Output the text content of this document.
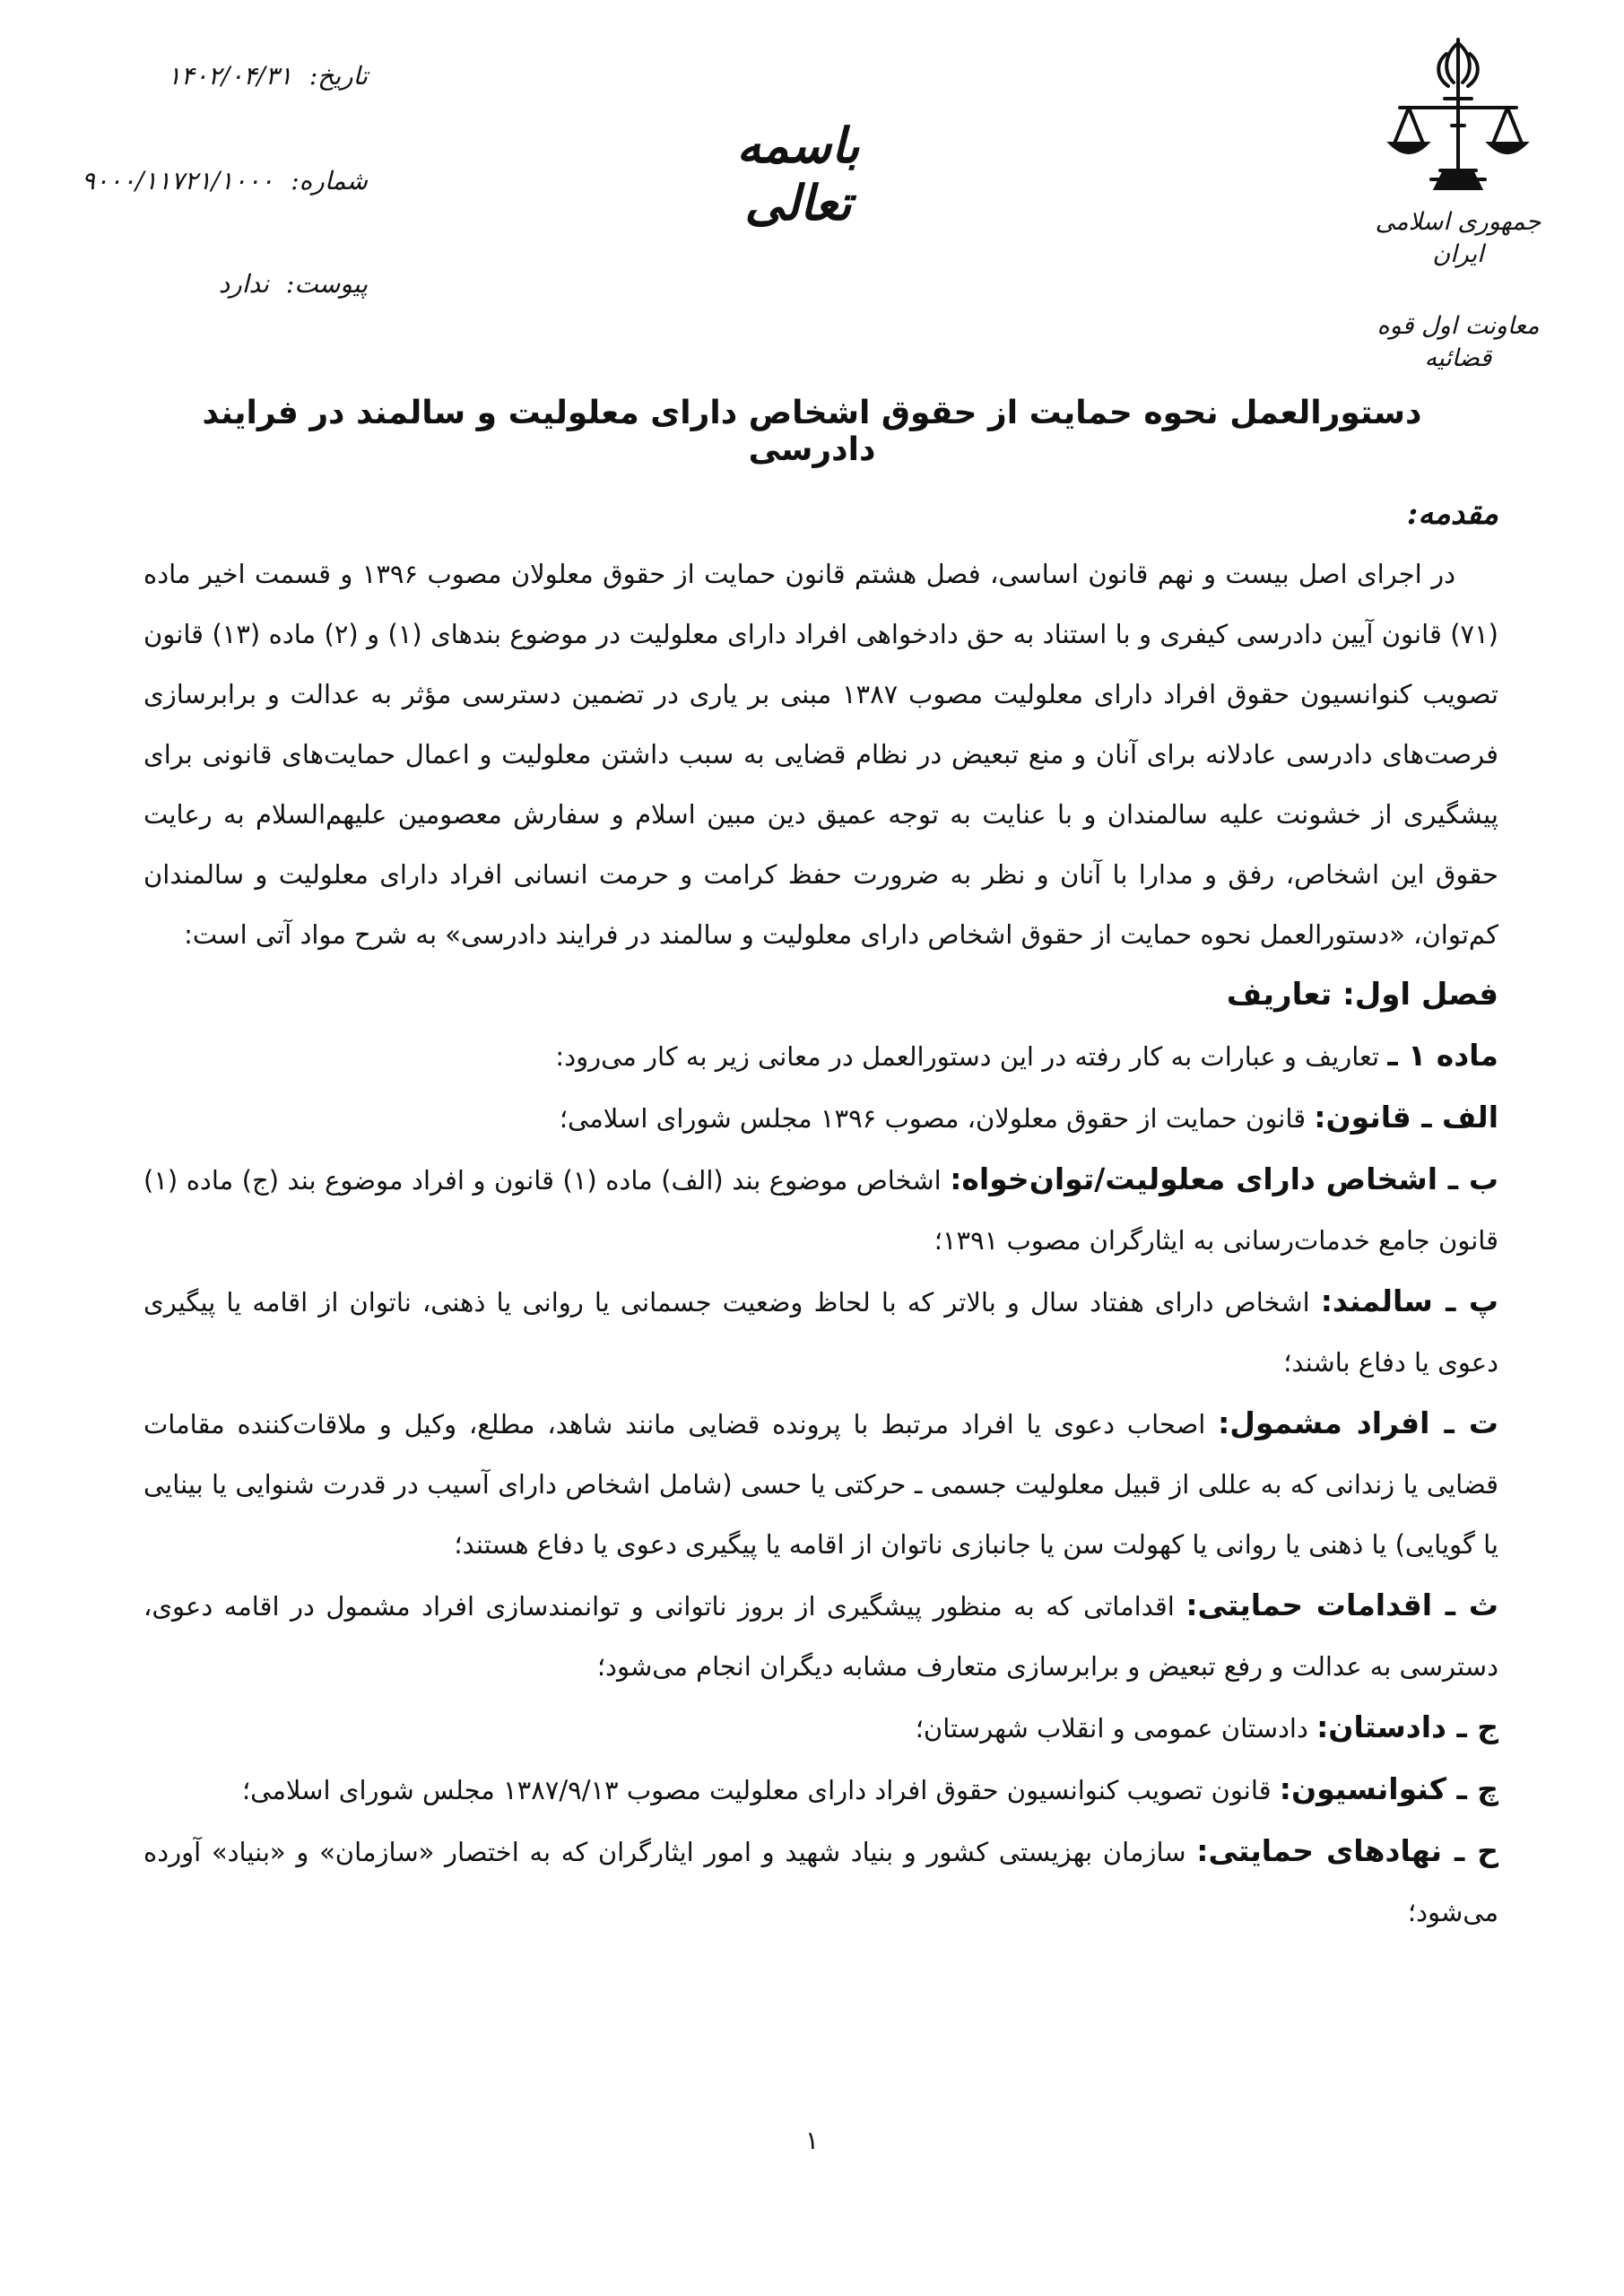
جمهوری اسلامی ایران
معاونت اول قوه قضائیه
باسمه تعالی
تاریخ: ۱۴۰۲/۰۴/۳۱
شماره: ۹۰۰۰/۱۱۷۲۱/۱۰۰۰
پیوست: ندارد
دستورالعمل نحوه حمایت از حقوق اشخاص دارای معلولیت و سالمند در فرایند دادرسی
مقدمه:

در اجرای اصل بیست و نهم قانون اساسی، فصل هشتم قانون حمایت از حقوق معلولان مصوب ۱۳۹۶ و قسمت اخیر ماده (۷۱) قانون آیین دادرسی کیفری و با استناد به حق دادخواهی افراد دارای معلولیت در موضوع بندهای (۱) و (۲) ماده (۱۳) قانون تصویب کنوانسیون حقوق افراد دارای معلولیت مصوب ۱۳۸۷ مبنی بر یاری در تضمین دسترسی مؤثر به عدالت و برابرسازی فرصت‌های دادرسی عادلانه برای آنان و منع تبعیض در نظام قضایی به سبب داشتن معلولیت و اعمال حمایت‌های قانونی برای پیشگیری از خشونت علیه سالمندان و با عنایت به توجه عمیق دین مبین اسلام و سفارش معصومین علیهم‌السلام به رعایت حقوق این اشخاص، رفق و مدارا با آنان و نظر به ضرورت حفظ کرامت و حرمت انسانی افراد دارای معلولیت و سالمندان کم‌توان، «دستورالعمل نحوه حمایت از حقوق اشخاص دارای معلولیت و سالمند در فرایند دادرسی» به شرح مواد آتی است:

فصل اول: تعاریف

ماده ۱ ـ تعاریف و عبارات به کار رفته در این دستورالعمل در معانی زیر به کار می‌رود:

الف ـ قانون: قانون حمایت از حقوق معلولان، مصوب ۱۳۹۶ مجلس شورای اسلامی؛

ب ـ اشخاص دارای معلولیت/توان‌خواه: اشخاص موضوع بند (الف) ماده (۱) قانون و افراد موضوع بند (ج) ماده (۱) قانون جامع خدمات‌رسانی به ایثارگران مصوب ۱۳۹۱؛

پ ـ سالمند: اشخاص دارای هفتاد سال و بالاتر که با لحاظ وضعیت جسمانی یا روانی یا ذهنی، ناتوان از اقامه یا پیگیری دعوی یا دفاع باشند؛

ت ـ افراد مشمول: اصحاب دعوی یا افراد مرتبط با پرونده قضایی مانند شاهد، مطلع، وکیل و ملاقات‌کننده مقامات قضایی یا زندانی که به عللی از قبیل معلولیت جسمی ـ حرکتی یا حسی (شامل اشخاص دارای آسیب در قدرت شنوایی یا بینایی یا گویایی) یا ذهنی یا روانی یا کهولت سن یا جانبازی ناتوان از اقامه یا پیگیری دعوی یا دفاع هستند؛

ث ـ اقدامات حمایتی: اقداماتی که به منظور پیشگیری از بروز ناتوانی و توانمندسازی افراد مشمول در اقامه دعوی، دسترسی به عدالت و رفع تبعیض و برابرسازی متعارف مشابه دیگران انجام می‌شود؛

ج ـ دادستان: دادستان عمومی و انقلاب شهرستان؛

چ ـ کنوانسیون: قانون تصویب کنوانسیون حقوق افراد دارای معلولیت مصوب ۱۳۸۷/۹/۱۳ مجلس شورای اسلامی؛

ح ـ نهادهای حمایتی: سازمان بهزیستی کشور و بنیاد شهید و امور ایثارگران که به اختصار «سازمان» و «بنیاد» آورده می‌شود؛

۱
